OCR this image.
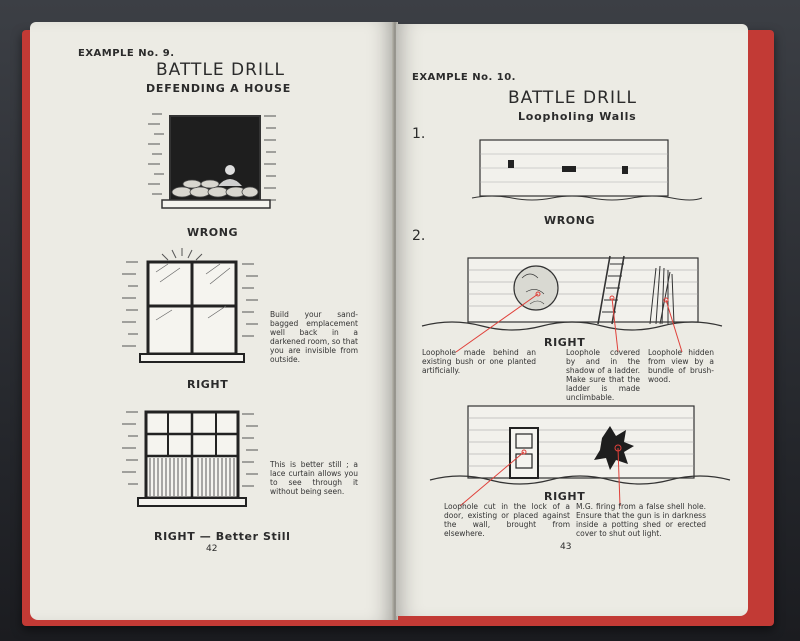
EXAMPLE No. 9.
BATTLE DRILL
DEFENDING A HOUSE
WRONG
Build your sand-bagged emplacement well back in a darkened room, so that you are invisible from outside.
RIGHT
This is better still ; a lace curtain allows you to see through it without being seen.
RIGHT — Better Still
42
EXAMPLE No. 10.
BATTLE DRILL
Loopholing Walls
1.
WRONG
2.
RIGHT
Loophole made behind an existing bush or one planted artificially.
Loophole covered by and in the shadow of a ladder. Make sure that the ladder is made unclimbable.
Loophole hidden from view by a bundle of brush-wood.
RIGHT
Loophole cut in the lock of a door, existing or placed against the wall, brought from elsewhere.
M.G. firing from a false shell hole. Ensure that the gun is in darkness inside a potting shed or erected cover to shut out light.
43
